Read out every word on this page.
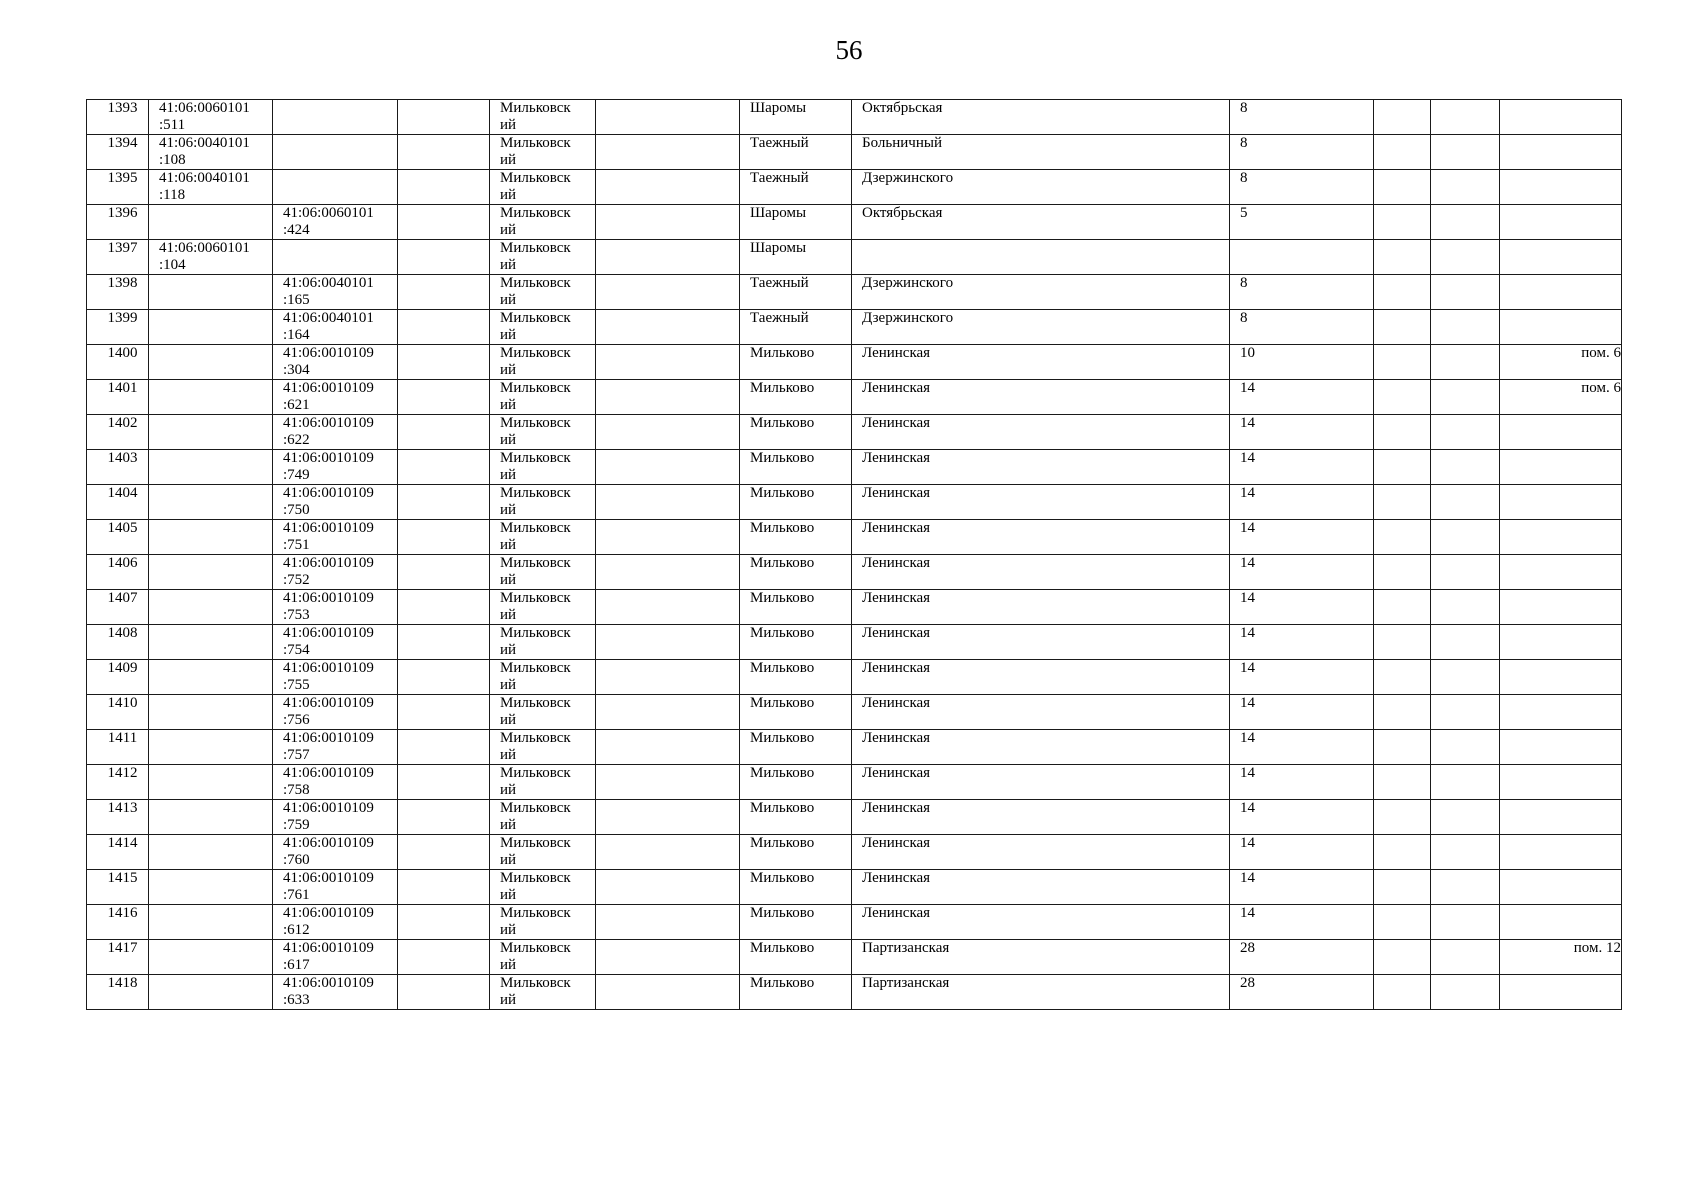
56
1393	41:06:0060101
:511			Мильковск
ий		Шаромы	Октябрьская	8			

1394	41:06:0040101
:108			Мильковск
ий		Таежный	Больничный	8			

1395	41:06:0040101
:118			Мильковск
ий		Таежный	Дзержинского	8			

1396		41:06:0060101
:424		Мильковск
ий		Шаромы	Октябрьская	5			

1397	41:06:0060101
:104			Мильковск
ий		Шаромы					

1398		41:06:0040101
:165		Мильковск
ий		Таежный	Дзержинского	8			

1399		41:06:0040101
:164		Мильковск
ий		Таежный	Дзержинского	8			

1400		41:06:0010109
:304		Мильковск
ий		Мильково	Ленинская	10			пом. 6

1401		41:06:0010109
:621		Мильковск
ий		Мильково	Ленинская	14			пом. 6

1402		41:06:0010109
:622		Мильковск
ий		Мильково	Ленинская	14			

1403		41:06:0010109
:749		Мильковск
ий		Мильково	Ленинская	14			

1404		41:06:0010109
:750		Мильковск
ий		Мильково	Ленинская	14			

1405		41:06:0010109
:751		Мильковск
ий		Мильково	Ленинская	14			

1406		41:06:0010109
:752		Мильковск
ий		Мильково	Ленинская	14			

1407		41:06:0010109
:753		Мильковск
ий		Мильково	Ленинская	14			

1408		41:06:0010109
:754		Мильковск
ий		Мильково	Ленинская	14			

1409		41:06:0010109
:755		Мильковск
ий		Мильково	Ленинская	14			

1410		41:06:0010109
:756		Мильковск
ий		Мильково	Ленинская	14			

1411		41:06:0010109
:757		Мильковск
ий		Мильково	Ленинская	14			

1412		41:06:0010109
:758		Мильковск
ий		Мильково	Ленинская	14			

1413		41:06:0010109
:759		Мильковск
ий		Мильково	Ленинская	14			

1414		41:06:0010109
:760		Мильковск
ий		Мильково	Ленинская	14			

1415		41:06:0010109
:761		Мильковск
ий		Мильково	Ленинская	14			

1416		41:06:0010109
:612		Мильковск
ий		Мильково	Ленинская	14			

1417		41:06:0010109
:617		Мильковск
ий		Мильково	Партизанская	28			пом. 12

1418		41:06:0010109
:633		Мильковск
ий		Мильково	Партизанская	28			
